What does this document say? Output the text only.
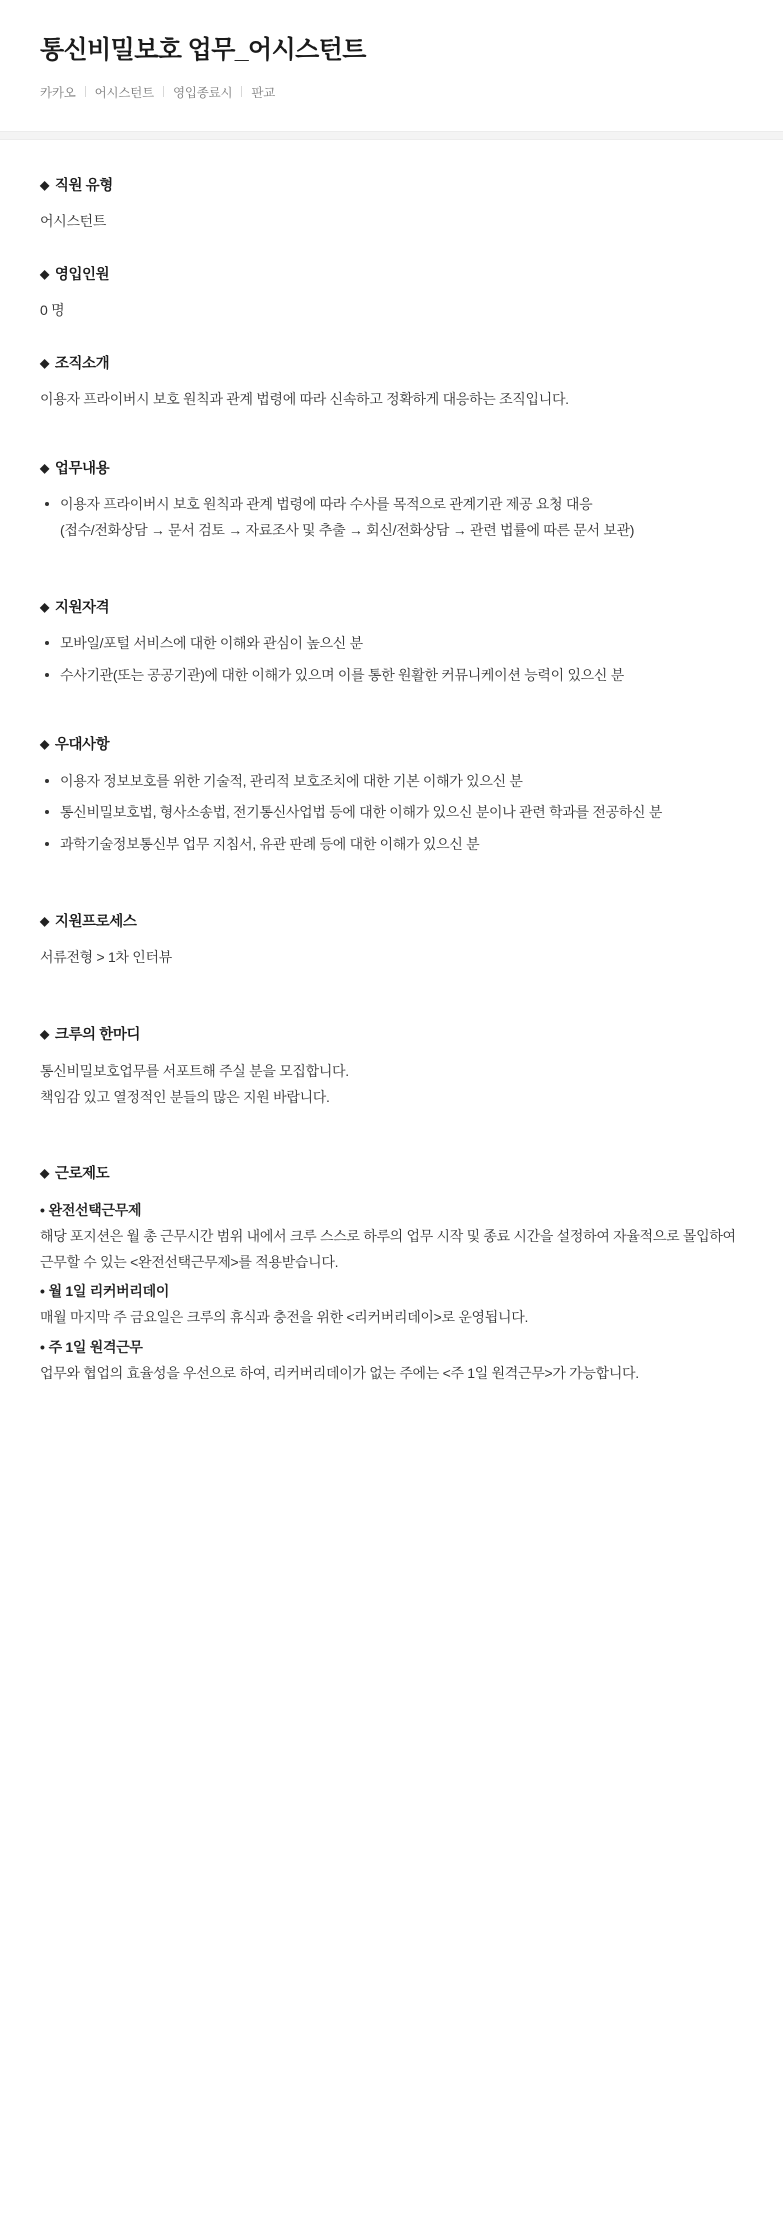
통신비밀보호 업무_어시스턴트
카카오 어시스턴트 영입종료시 판교
◆ 직원 유형

어시스턴트

◆ 영입인원

0 명

◆ 조직소개

이용자 프라이버시 보호 원칙과 관계 법령에 따라 신속하고 정확하게 대응하는 조직입니다.

◆ 업무내용
이용자 프라이버시 보호 원칙과 관계 법령에 따라 수사를 목적으로 관계기관 제공 요청 대응
(접수/전화상담 → 문서 검토 → 자료조사 및 추출 → 회신/전화상담 → 관련 법률에 따른 문서 보관)
◆ 지원자격
모바일/포털 서비스에 대한 이해와 관심이 높으신 분
수사기관(또는 공공기관)에 대한 이해가 있으며 이를 통한 원활한 커뮤니케이션 능력이 있으신 분
◆ 우대사항
이용자 정보보호를 위한 기술적, 관리적 보호조치에 대한 기본 이해가 있으신 분
통신비밀보호법, 형사소송법, 전기통신사업법 등에 대한 이해가 있으신 분이나 관련 학과를 전공하신 분
과학기술정보통신부 업무 지침서, 유관 판례 등에 대한 이해가 있으신 분
◆ 지원프로세스

서류전형 > 1차 인터뷰

◆ 크루의 한마디

통신비밀보호업무를 서포트해 주실 분을 모집합니다.

책임감 있고 열정적인 분들의 많은 지원 바랍니다.

◆ 근로제도

• 완전선택근무제

해당 포지션은 월 총 근무시간 범위 내에서 크루 스스로 하루의 업무 시작 및 종료 시간을 설정하여 자율적으로 몰입하여 근무할 수 있는 <완전선택근무제>를 적용받습니다.

• 월 1일 리커버리데이

매월 마지막 주 금요일은 크루의 휴식과 충전을 위한 <리커버리데이>로 운영됩니다.

• 주 1일 원격근무

업무와 협업의 효율성을 우선으로 하여, 리커버리데이가 없는 주에는 <주 1일 원격근무>가 가능합니다.
